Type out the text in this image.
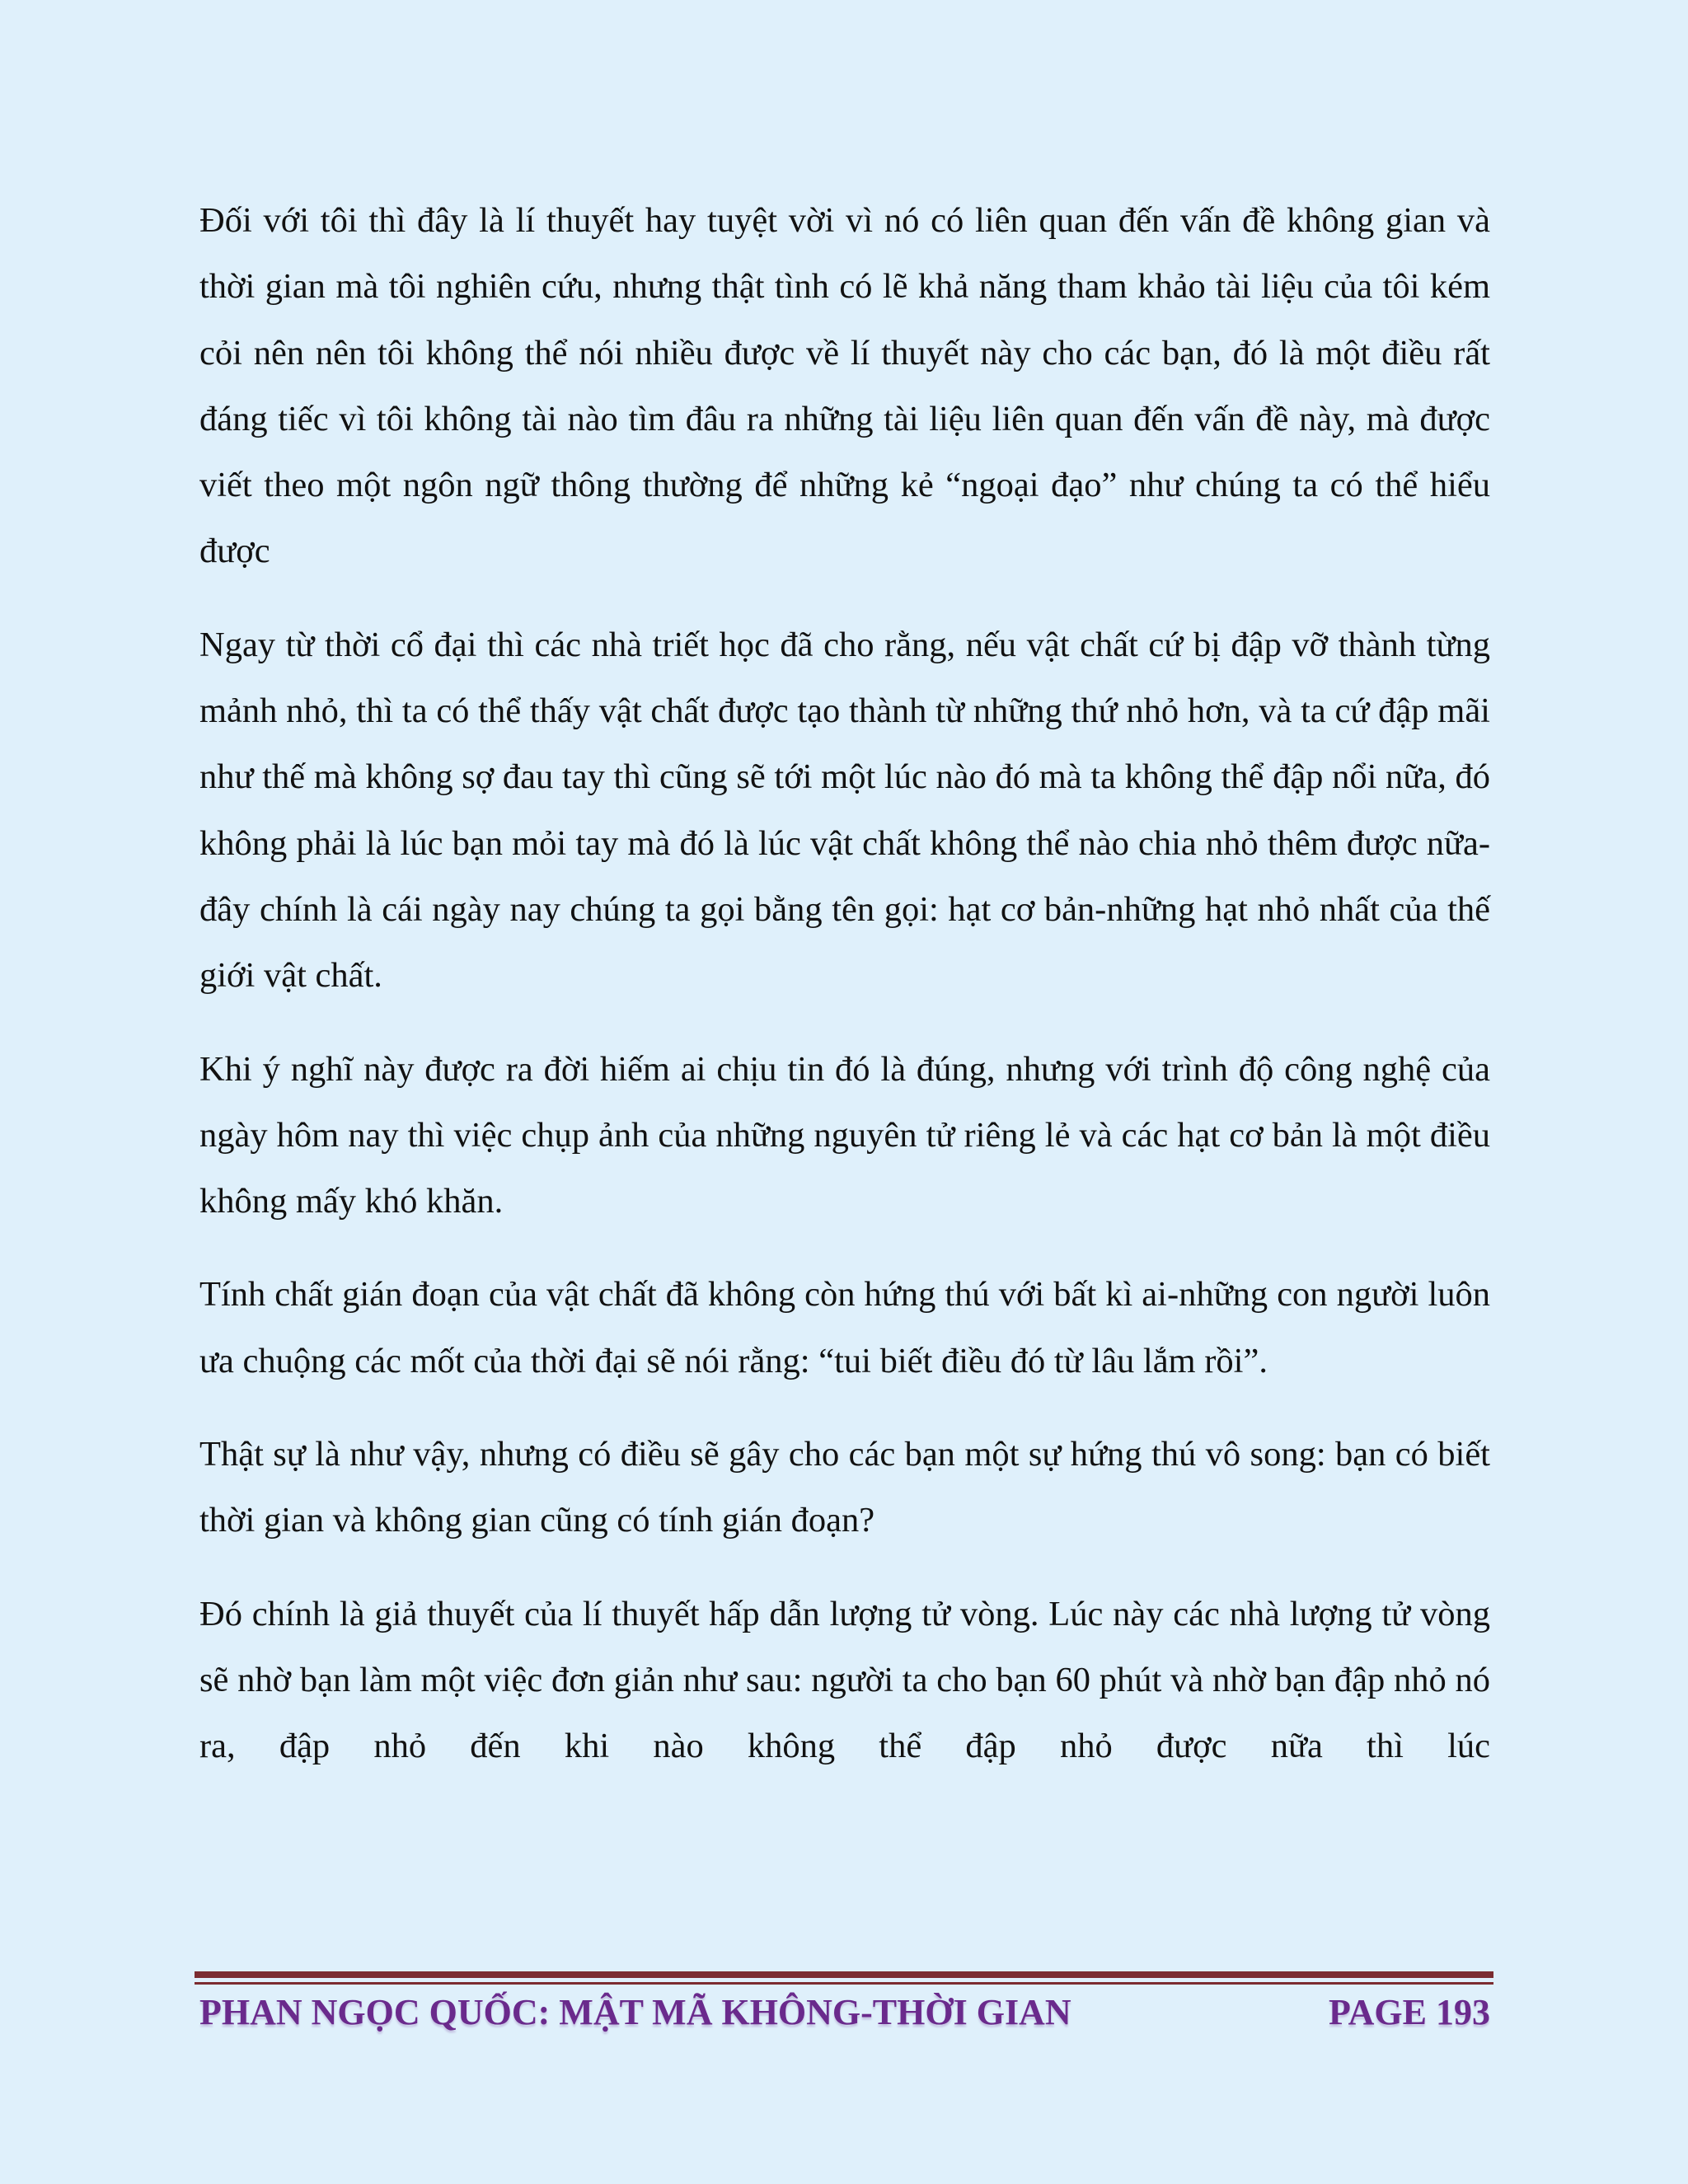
Đối với tôi thì đây là lí thuyết hay tuyệt vời vì nó có liên quan đến vấn đề không gian và thời gian mà tôi nghiên cứu, nhưng thật tình có lẽ khả năng tham khảo tài liệu của tôi kém cỏi nên nên tôi không thể nói nhiều được về lí thuyết này cho các bạn, đó là một điều rất đáng tiếc vì tôi không tài nào tìm đâu ra những tài liệu liên quan đến vấn đề này, mà được viết theo một ngôn ngữ thông thường để những kẻ “ngoại đạo” như chúng ta có thể hiểu được

Ngay từ thời cổ đại thì các nhà triết học đã cho rằng, nếu vật chất cứ bị đập vỡ thành từng mảnh nhỏ, thì ta có thể thấy vật chất được tạo thành từ những thứ nhỏ hơn, và ta cứ đập mãi như thế mà không sợ đau tay thì cũng sẽ tới một lúc nào đó mà ta không thể đập nổi nữa, đó không phải là lúc bạn mỏi tay mà đó là lúc vật chất không thể nào chia nhỏ thêm được nữa-đây chính là cái ngày nay chúng ta gọi bằng tên gọi: hạt cơ bản-những hạt nhỏ nhất của thế giới vật chất.

Khi ý nghĩ này được ra đời hiếm ai chịu tin đó là đúng, nhưng với trình độ công nghệ của ngày hôm nay thì việc chụp ảnh của những nguyên tử riêng lẻ và các hạt cơ bản là một điều không mấy khó khăn.

Tính chất gián đoạn của vật chất đã không còn hứng thú với bất kì ai-những con người luôn ưa chuộng các mốt của thời đại sẽ nói rằng: “tui biết điều đó từ lâu lắm rồi”.

Thật sự là như vậy, nhưng có điều sẽ gây cho các bạn một sự hứng thú vô song: bạn có biết thời gian và không gian cũng có tính gián đoạn?

Đó chính là giả thuyết của lí thuyết hấp dẫn lượng tử vòng. Lúc này các nhà lượng tử vòng sẽ nhờ bạn làm một việc đơn giản như sau: người ta cho bạn 60 phút và nhờ bạn đập nhỏ nó ra, đập nhỏ đến khi nào không thể đập nhỏ được nữa thì lúc

PHAN NGỌC QUỐC: MẬT MÃ KHÔNG-THỜI GIAN	PAGE 193
